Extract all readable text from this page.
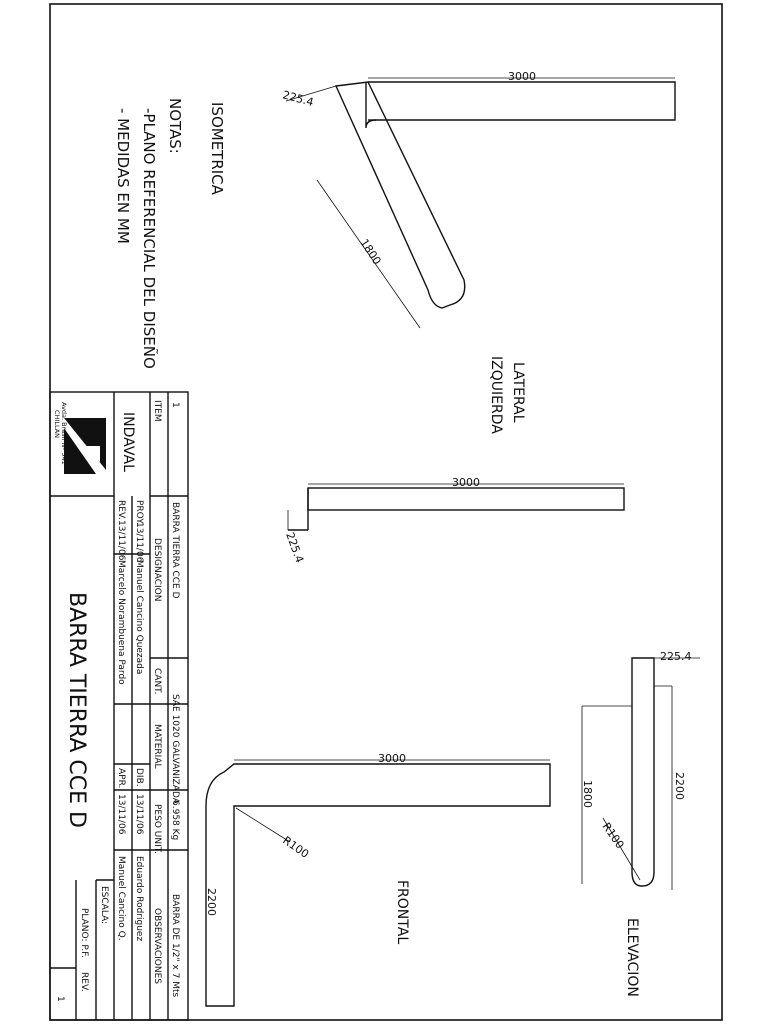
ISOMETRICA
NOTAS:
-PLANO REFERENCIAL DEL DISEÑO
- MEDIDAS EN MM
3000
225.4
1800
LATERAL
IZQUIERDA
3000
225.4
225.4
1800	2200
R100
ELEVACION
3000
2200
R100
FRONTAL
INDAVAL
Avda. Brasil Nº 541
CHILLAN
1
BARRA TIERRA CCE D
SAE 1020 GALVANIZADA
6.958 Kg
BARRA DE 1/2" x 7 Mts
ITEM
DESIGNACION
CANT.
MATERIAL
PESO UNIT.
OBSERVACIONES
PROY.
13/11/06
Manuel Cancino Quezada
DIB.
13/11/06
Eduardo Rodriguez
REV.
13/11/06
Marcelo Norambuena Pardo
APR.
13/11/06
Manuel Cancino Q.
BARRA TIERRA CCE D
ESCALA:
PLANO: P.F.
REV.
1
